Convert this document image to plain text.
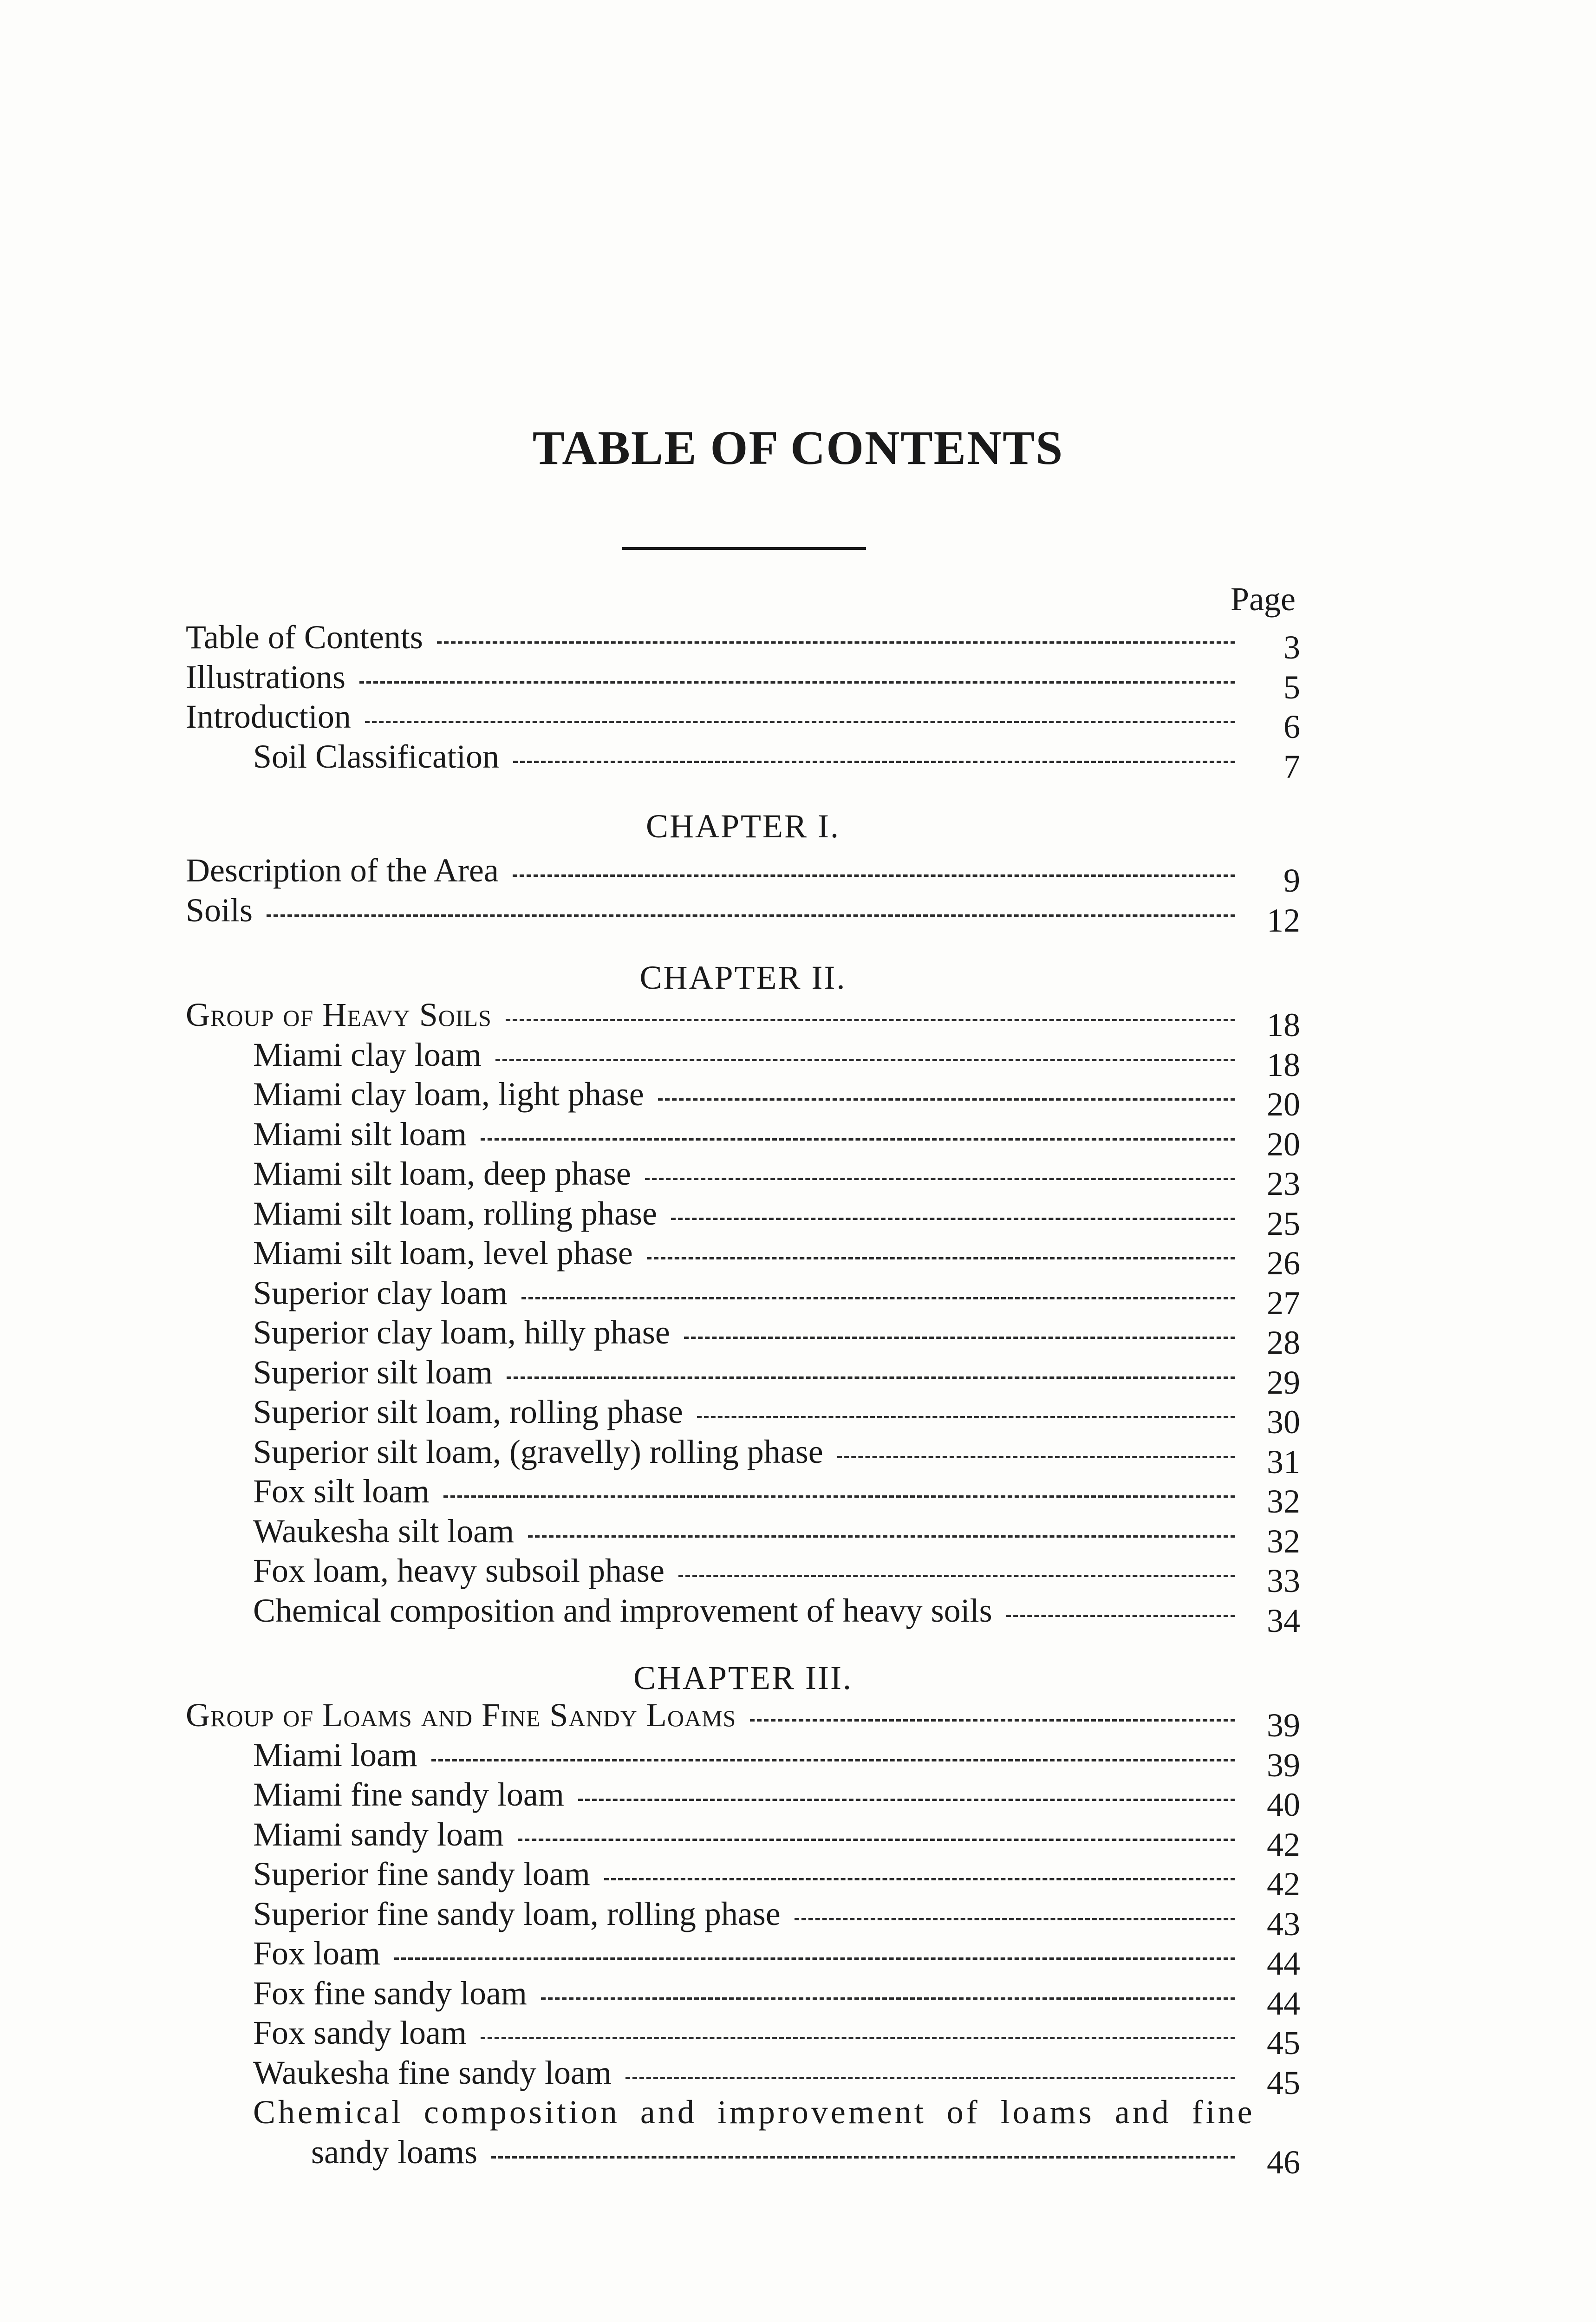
TABLE OF CONTENTS
Page
Table of Contents	3
Illustrations	5
Introduction	6
Soil Classification	7
CHAPTER I.
Description of the Area	9
Soils	12
CHAPTER II.
Group of Heavy Soils	18
Miami clay loam	18
Miami clay loam, light phase	20
Miami silt loam	20
Miami silt loam, deep phase	23
Miami silt loam, rolling phase	25
Miami silt loam, level phase	26
Superior clay loam	27
Superior clay loam, hilly phase	28
Superior silt loam	29
Superior silt loam, rolling phase	30
Superior silt loam, (gravelly) rolling phase	31
Fox silt loam	32
Waukesha silt loam	32
Fox loam, heavy subsoil phase	33
Chemical composition and improvement of heavy soils	34
CHAPTER III.
Group of Loams and Fine Sandy Loams	39
Miami loam	39
Miami fine sandy loam	40
Miami sandy loam	42
Superior fine sandy loam	42
Superior fine sandy loam, rolling phase	43
Fox loam	44
Fox fine sandy loam	44
Fox sandy loam	45
Waukesha fine sandy loam	45
Chemical composition and improvement of loams and fine
sandy loams	46
